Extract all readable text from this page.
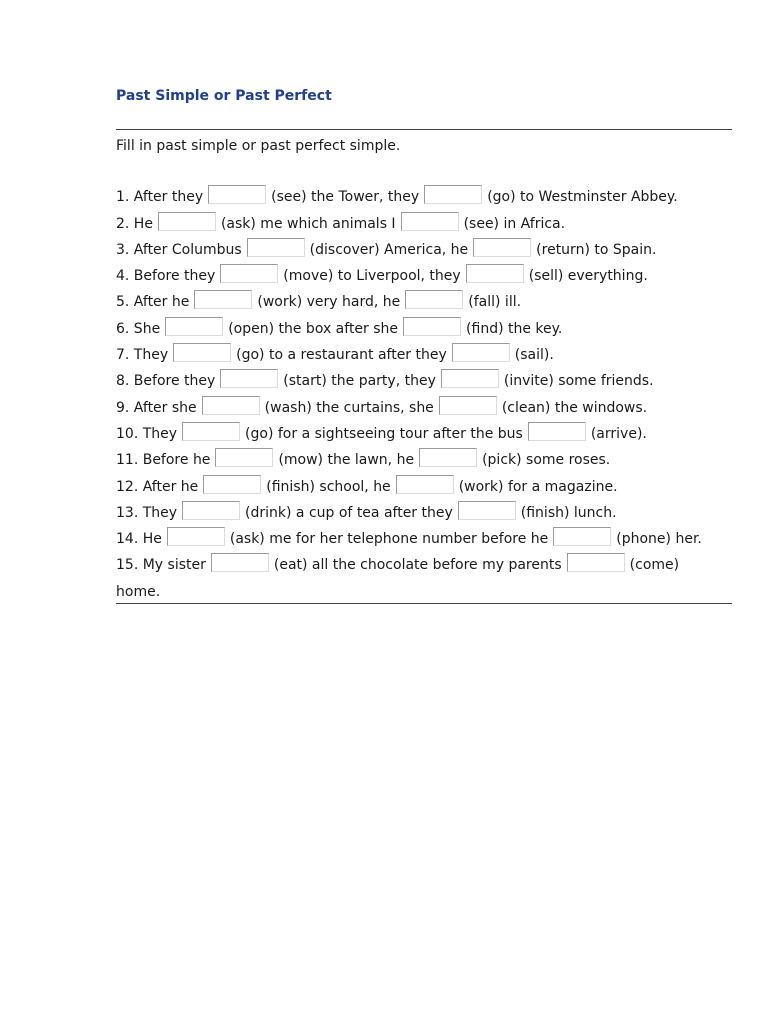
Past Simple or Past Perfect
Fill in past simple or past perfect simple.
1. After they	(see) the Tower, they	(go) to Westminster Abbey.
2. He	(ask) me which animals I	(see) in Africa.
3. After Columbus	(discover) America, he	(return) to Spain.
4. Before they	(move) to Liverpool, they	(sell) everything.
5. After he	(work) very hard, he	(fall) ill.
6. She	(open) the box after she	(find) the key.
7. They	(go) to a restaurant after they	(sail).
8. Before they	(start) the party, they	(invite) some friends.
9. After she	(wash) the curtains, she	(clean) the windows.
10. They	(go) for a sightseeing tour after the bus	(arrive).
11. Before he	(mow) the lawn, he	(pick) some roses.
12. After he	(finish) school, he	(work) for a magazine.
13. They	(drink) a cup of tea after they	(finish) lunch.
14. He	(ask) me for her telephone number before he	(phone) her.
15. My sister	(eat) all the chocolate before my parents	(come)
home.
